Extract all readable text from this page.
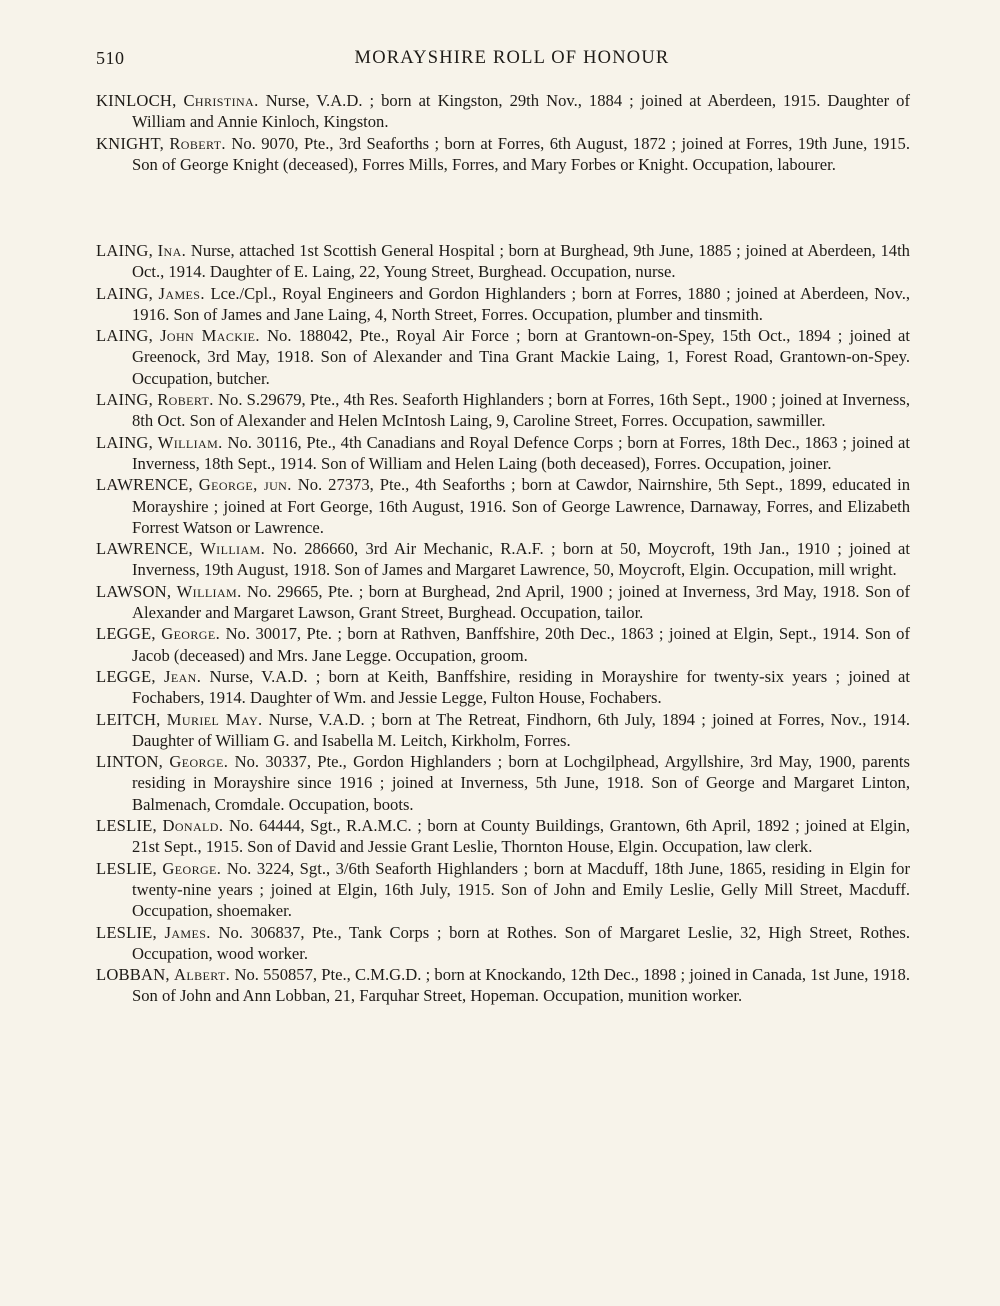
510	MORAYSHIRE ROLL OF HONOUR

KINLOCH, Christina. Nurse, V.A.D. ; born at Kingston, 29th Nov., 1884 ; joined at Aberdeen, 1915. Daughter of William and Annie Kinloch, Kingston.

KNIGHT, Robert. No. 9070, Pte., 3rd Seaforths ; born at Forres, 6th August, 1872 ; joined at Forres, 19th June, 1915. Son of George Knight (deceased), Forres Mills, Forres, and Mary Forbes or Knight. Occupation, labourer.

LAING, Ina. Nurse, attached 1st Scottish General Hospital ; born at Burghead, 9th June, 1885 ; joined at Aberdeen, 14th Oct., 1914. Daughter of E. Laing, 22, Young Street, Burghead. Occupation, nurse.

LAING, James. Lce./Cpl., Royal Engineers and Gordon Highlanders ; born at Forres, 1880 ; joined at Aberdeen, Nov., 1916. Son of James and Jane Laing, 4, North Street, Forres. Occupation, plumber and tinsmith.

LAING, John Mackie. No. 188042, Pte., Royal Air Force ; born at Grantown-on-Spey, 15th Oct., 1894 ; joined at Greenock, 3rd May, 1918. Son of Alexander and Tina Grant Mackie Laing, 1, Forest Road, Grantown-on-Spey. Occupation, butcher.

LAING, Robert. No. S.29679, Pte., 4th Res. Seaforth Highlanders ; born at Forres, 16th Sept., 1900 ; joined at Inverness, 8th Oct. Son of Alexander and Helen McIntosh Laing, 9, Caroline Street, Forres. Occupation, sawmiller.

LAING, William. No. 30116, Pte., 4th Canadians and Royal Defence Corps ; born at Forres, 18th Dec., 1863 ; joined at Inverness, 18th Sept., 1914. Son of William and Helen Laing (both deceased), Forres. Occupation, joiner.

LAWRENCE, George, jun. No. 27373, Pte., 4th Seaforths ; born at Cawdor, Nairnshire, 5th Sept., 1899, educated in Morayshire ; joined at Fort George, 16th August, 1916. Son of George Lawrence, Darnaway, Forres, and Elizabeth Forrest Watson or Lawrence.

LAWRENCE, William. No. 286660, 3rd Air Mechanic, R.A.F. ; born at 50, Moycroft, 19th Jan., 1910 ; joined at Inverness, 19th August, 1918. Son of James and Margaret Lawrence, 50, Moycroft, Elgin. Occupation, mill wright.

LAWSON, William. No. 29665, Pte. ; born at Burghead, 2nd April, 1900 ; joined at Inverness, 3rd May, 1918. Son of Alexander and Margaret Lawson, Grant Street, Burghead. Occupation, tailor.

LEGGE, George. No. 30017, Pte. ; born at Rathven, Banffshire, 20th Dec., 1863 ; joined at Elgin, Sept., 1914. Son of Jacob (deceased) and Mrs. Jane Legge. Occupation, groom.

LEGGE, Jean. Nurse, V.A.D. ; born at Keith, Banffshire, residing in Morayshire for twenty-six years ; joined at Fochabers, 1914. Daughter of Wm. and Jessie Legge, Fulton House, Fochabers.

LEITCH, Muriel May. Nurse, V.A.D. ; born at The Retreat, Findhorn, 6th July, 1894 ; joined at Forres, Nov., 1914. Daughter of William G. and Isabella M. Leitch, Kirkholm, Forres.

LINTON, George. No. 30337, Pte., Gordon Highlanders ; born at Lochgilphead, Argyllshire, 3rd May, 1900, parents residing in Morayshire since 1916 ; joined at Inverness, 5th June, 1918. Son of George and Margaret Linton, Balmenach, Cromdale. Occupation, boots.

LESLIE, Donald. No. 64444, Sgt., R.A.M.C. ; born at County Buildings, Grantown, 6th April, 1892 ; joined at Elgin, 21st Sept., 1915. Son of David and Jessie Grant Leslie, Thornton House, Elgin. Occupation, law clerk.

LESLIE, George. No. 3224, Sgt., 3/6th Seaforth Highlanders ; born at Macduff, 18th June, 1865, residing in Elgin for twenty-nine years ; joined at Elgin, 16th July, 1915. Son of John and Emily Leslie, Gelly Mill Street, Macduff. Occupation, shoemaker.

LESLIE, James. No. 306837, Pte., Tank Corps ; born at Rothes. Son of Margaret Leslie, 32, High Street, Rothes. Occupation, wood worker.

LOBBAN, Albert. No. 550857, Pte., C.M.G.D. ; born at Knockando, 12th Dec., 1898 ; joined in Canada, 1st June, 1918. Son of John and Ann Lobban, 21, Farquhar Street, Hopeman. Occupation, munition worker.
